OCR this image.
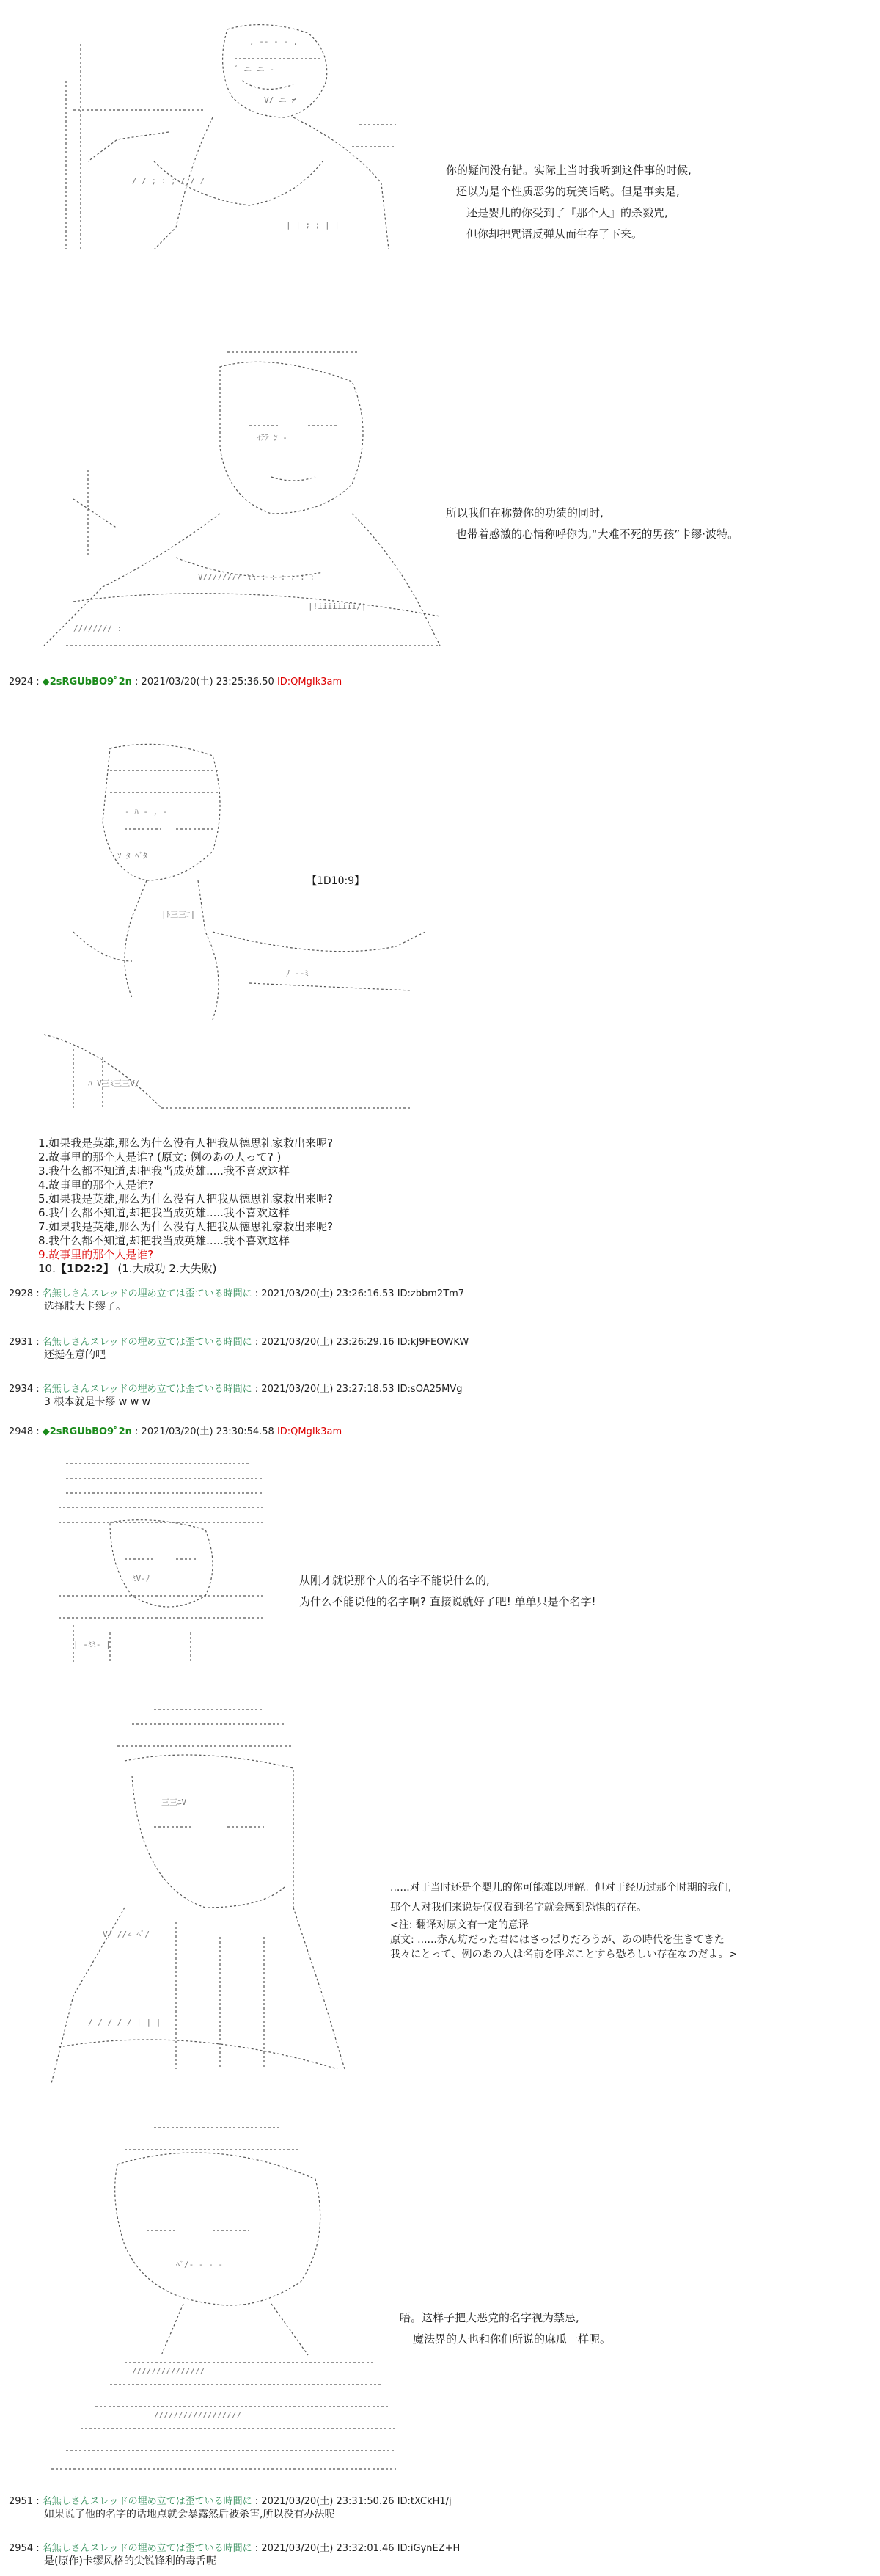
, -‐ ‐ ‐ ,
ﾞ ニ ニ ‐
V/ ニ ≠
/ / ; : ; / / /
| | ; ; | |
你的疑问没有错。实际上当时我听到这件事的时候,
还以为是个性质恶劣的玩笑话哟。但是事实是,
还是婴儿的你受到了『那个人』的杀戮咒,
但你却把咒语反弹从而生存了下来。
ｲﾃﾃ ﾝ -
V//////// \\ : : : : : :
|!iiiiiiii/|
//////// :
所以我们在称赞你的功绩的同时,
也带着感激的心情称呼你为,“大难不死的男孩”卡缪·波特。
2924 : ◆2sRGUbBO9ﾟ2n : 2021/03/20(土) 23:25:36.50 ID:QMgIk3am
‐ ﾊ ‐ , ‐
ｿ ﾀ ﾍﾞﾀ
|ﾄ三三ﾆ|
ﾉ ‐‐ﾐ
ﾊ V三ﾐ三三V/
【1D10:9】
1.如果我是英雄,那么为什么没有人把我从德思礼家救出来呢?
2.故事里的那个人是谁? (原文: 例のあの人って? )
3.我什么都不知道,却把我当成英雄.....我不喜欢这样
4.故事里的那个人是谁?
5.如果我是英雄,那么为什么没有人把我从德思礼家救出来呢?
6.我什么都不知道,却把我当成英雄.....我不喜欢这样
7.如果我是英雄,那么为什么没有人把我从德思礼家救出来呢?
8.我什么都不知道,却把我当成英雄.....我不喜欢这样
9.故事里的那个人是谁?
10.【1D2:2】 (1.大成功 2.大失败)
2928 : 名無しさんスレッドの埋め立ては歪ている時間に : 2021/03/20(土) 23:26:16.53 ID:zbbm2Tm7
选择肢大卡缪了。
2931 : 名無しさんスレッドの埋め立ては歪ている時間に : 2021/03/20(土) 23:26:29.16 ID:kJ9FEOWKW
还挺在意的吧
2934 : 名無しさんスレッドの埋め立ては歪ている時間に : 2021/03/20(土) 23:27:18.53 ID:sOA25MVg
3 根本就是卡缪 w w w
2948 : ◆2sRGUbBO9ﾟ2n : 2021/03/20(土) 23:30:54.58 ID:QMgIk3am
ﾐV‐ﾉ
| ‐ﾐﾐ‐ |
从刚才就说那个人的名字不能说什么的,
为什么不能说他的名字啊? 直接说就好了吧! 单单只是个名字!
三三ﾆV
V/ //∠ ﾍﾞ/
/ / / / / | | |
......对于当时还是个婴儿的你可能难以理解。但对于经历过那个时期的我们,
那个人对我们来说是仅仅看到名字就会感到恐惧的存在。
<注: 翻译对原文有一定的意译
原文: ......赤ん坊だった君にはさっぱりだろうが、あの時代を生きてきた
我々にとって、例のあの人は名前を呼ぶことすら恐ろしい存在なのだよ。>
ﾍﾞ/- ‐ ‐ -
///////////////
//////////////////
唔。这样子把大恶党的名字视为禁忌,
魔法界的人也和你们所说的麻瓜一样呢。
2951 : 名無しさんスレッドの埋め立ては歪ている時間に : 2021/03/20(土) 23:31:50.26 ID:tXCkH1/j
如果说了他的名字的话地点就会暴露然后被杀害,所以没有办法呢
2954 : 名無しさんスレッドの埋め立ては歪ている時間に : 2021/03/20(土) 23:32:01.46 ID:iGynEZ+H
是(原作)卡缪风格的尖锐锋利的毒舌呢
